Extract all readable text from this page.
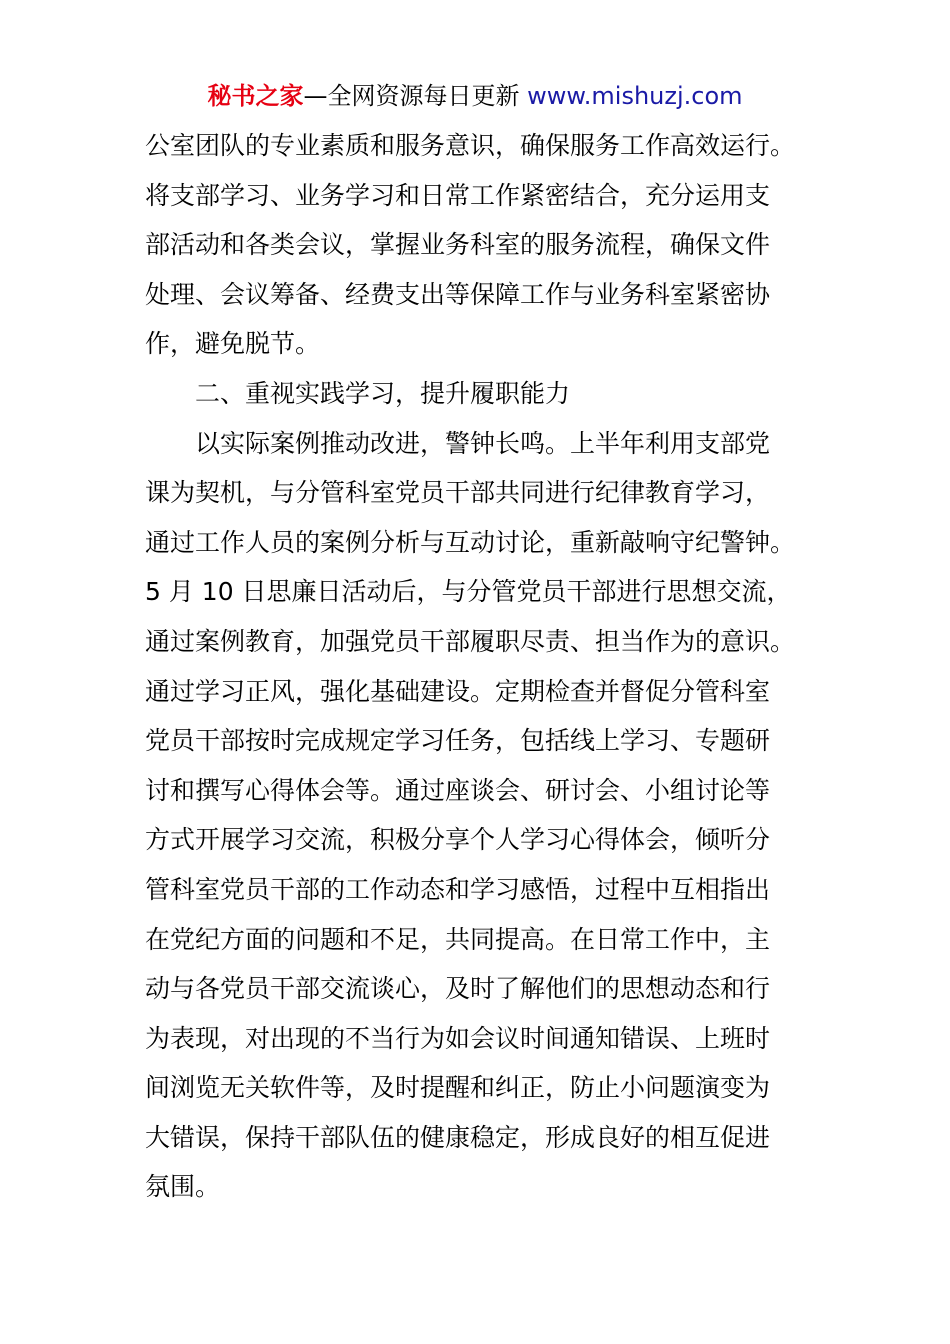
秘书之家—全网资源每日更新 www.mishuzj.com
公室团队的专业素质和服务意识，确保服务工作高效运行。
将支部学习、业务学习和日常工作紧密结合，充分运用支
部活动和各类会议，掌握业务科室的服务流程，确保文件
处理、会议筹备、经费支出等保障工作与业务科室紧密协
作，避免脱节。
二、重视实践学习，提升履职能力
以实际案例推动改进，警钟长鸣。上半年利用支部党
课为契机，与分管科室党员干部共同进行纪律教育学习，
通过工作人员的案例分析与互动讨论，重新敲响守纪警钟。
5 月 10 日思廉日活动后，与分管党员干部进行思想交流，
通过案例教育，加强党员干部履职尽责、担当作为的意识。
通过学习正风，强化基础建设。定期检查并督促分管科室
党员干部按时完成规定学习任务，包括线上学习、专题研
讨和撰写心得体会等。通过座谈会、研讨会、小组讨论等
方式开展学习交流，积极分享个人学习心得体会，倾听分
管科室党员干部的工作动态和学习感悟，过程中互相指出
在党纪方面的问题和不足，共同提高。在日常工作中，主
动与各党员干部交流谈心，及时了解他们的思想动态和行
为表现，对出现的不当行为如会议时间通知错误、上班时
间浏览无关软件等，及时提醒和纠正，防止小问题演变为
大错误，保持干部队伍的健康稳定，形成良好的相互促进
氛围。
